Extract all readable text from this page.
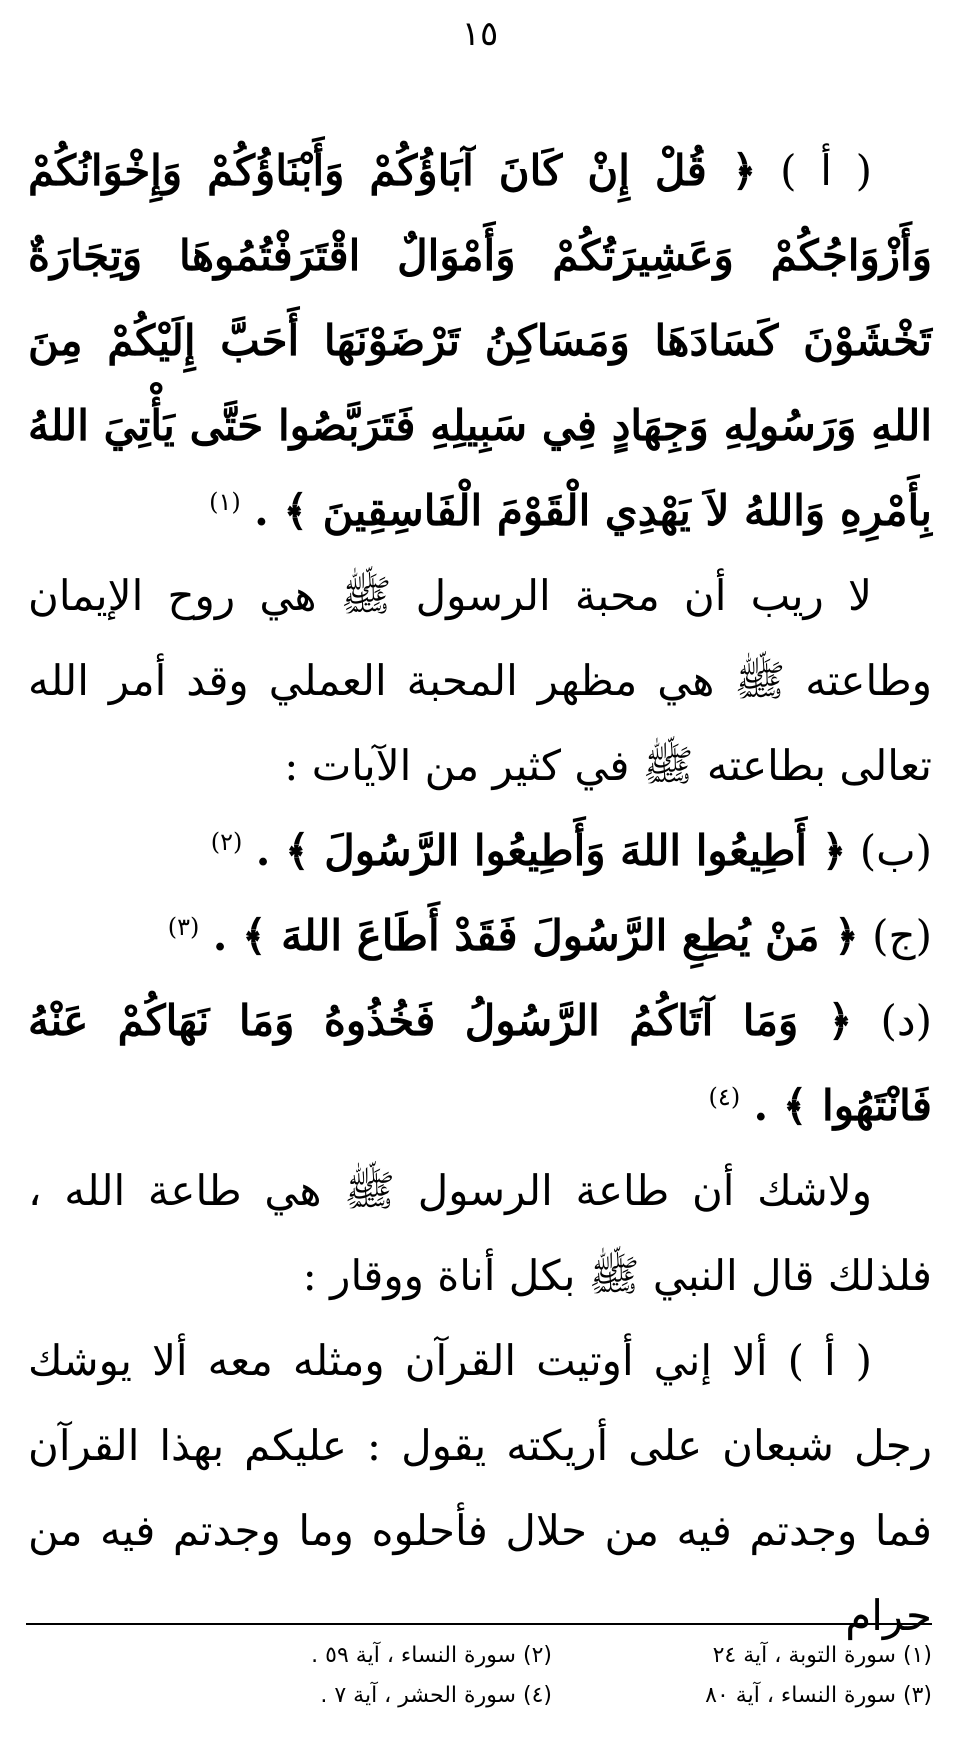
١٥

( أ ) ﴿ قُلْ إِنْ كَانَ آبَاؤُكُمْ وَأَبْنَاؤُكُمْ وَإِخْوَانُكُمْ وَأَزْوَاجُكُمْ وَعَشِيرَتُكُمْ وَأَمْوَالٌ اقْتَرَفْتُمُوهَا وَتِجَارَةٌ تَخْشَوْنَ كَسَادَهَا وَمَسَاكِنُ تَرْضَوْنَهَا أَحَبَّ إِلَيْكُمْ مِنَ اللهِ وَرَسُولِهِ وَجِهَادٍ فِي سَبِيلِهِ فَتَرَبَّصُوا حَتَّى يَأْتِيَ اللهُ بِأَمْرِهِ وَاللهُ لاَ يَهْدِي الْقَوْمَ الْفَاسِقِينَ ﴾ . $^{(١)}$

لا ريب أن محبة الرسول ﷺ هي روح الإيمان وطاعته ﷺ هي مظهر المحبة العملي وقد أمر الله تعالى بطاعته ﷺ في كثير من الآيات :

(ب) ﴿ أَطِيعُوا اللهَ وَأَطِيعُوا الرَّسُولَ ﴾ . $^{(٢)}$

(ج) ﴿ مَنْ يُطِعِ الرَّسُولَ فَقَدْ أَطَاعَ اللهَ ﴾ . $^{(٣)}$

(د) ﴿ وَمَا آتَاكُمُ الرَّسُولُ فَخُذُوهُ وَمَا نَهَاكُمْ عَنْهُ فَانْتَهُوا ﴾ . $^{(٤)}$

ولاشك أن طاعة الرسول ﷺ هي طاعة الله ، فلذلك قال النبي ﷺ بكل أناة ووقار :

( أ ) ألا إني أوتيت القرآن ومثله معه ألا يوشك رجل شبعان على أريكته يقول : عليكم بهذا القرآن فما وجدتم فيه من حلال فأحلوه وما وجدتم فيه من حرام

(١) سورة التوبة ، آية ٢٤
(٢) سورة النساء ، آية ٥٩ .
(٣) سورة النساء ، آية ٨٠
(٤) سورة الحشر ، آية ٧ .
